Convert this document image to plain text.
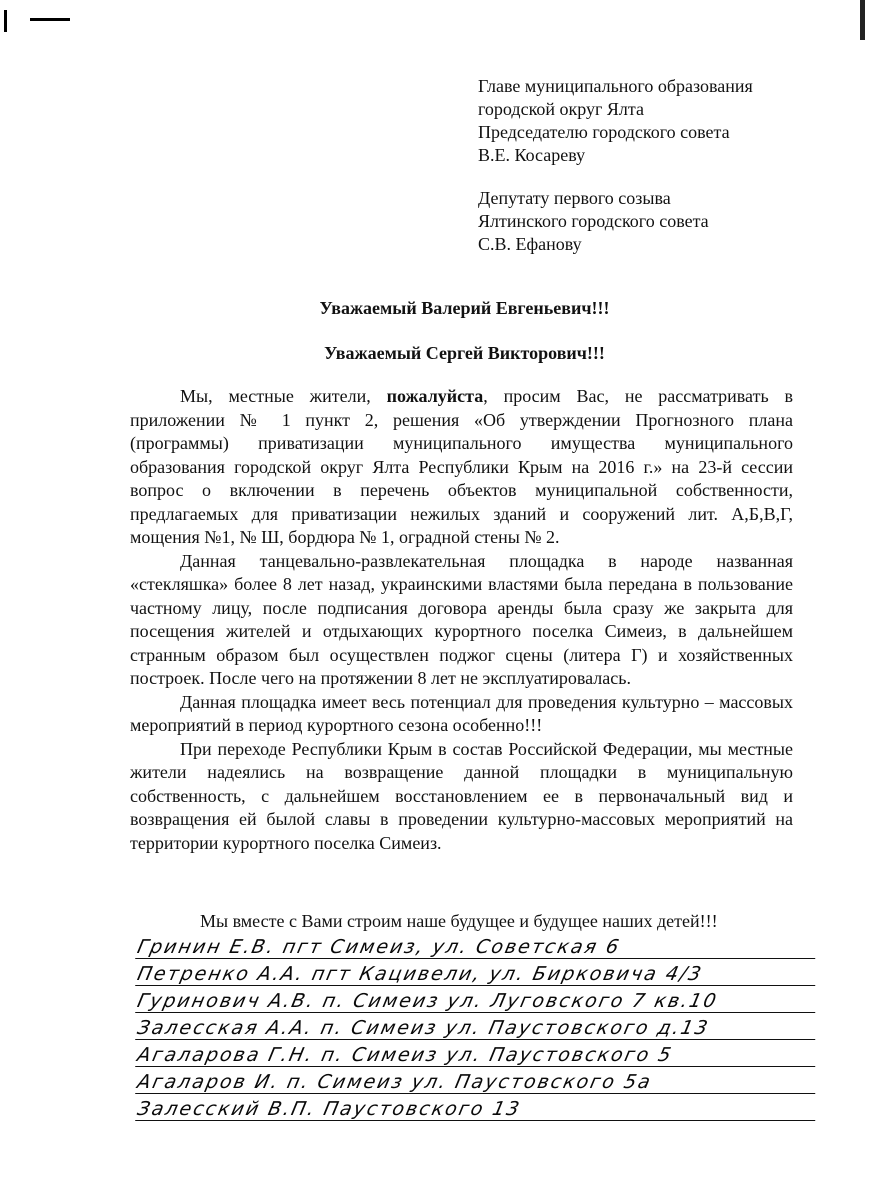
Главе муниципального образования

городской округ Ялта

Председателю городского совета

В.Е. Косареву

Депутату первого созыва

Ялтинского городского совета

С.В. Ефанову

Уважаемый Валерий Евгеньевич!!!
Уважаемый Сергей Викторович!!!

Мы, местные жители, пожалуйста, просим Вас, не рассматривать в приложении № 1 пункт 2, решения «Об утверждении Прогнозного плана (программы) приватизации муниципального имущества муниципального образования городской округ Ялта Республики Крым на 2016 г.» на 23-й сессии вопрос о включении в перечень объектов муниципальной собственности, предлагаемых для приватизации нежилых зданий и сооружений лит. А,Б,В,Г, мощения №1, № Ш, бордюра № 1, оградной стены № 2.

Данная танцевально-развлекательная площадка в народе названная «стекляшка» более 8 лет назад, украинскими властями была передана в пользование частному лицу, после подписания договора аренды была сразу же закрыта для посещения жителей и отдыхающих курортного поселка Симеиз, в дальнейшем странным образом был осуществлен поджог сцены (литера Г) и хозяйственных построек. После чего на протяжении 8 лет не эксплуатировалась.

Данная площадка имеет весь потенциал для проведения культурно – массовых мероприятий в период курортного сезона особенно!!!

При переходе Республики Крым в состав Российской Федерации, мы местные жители надеялись на возвращение данной площадки в муниципальную собственность, с дальнейшем восстановлением ее в первоначальный вид и возвращения ей былой славы в проведении культурно-массовых мероприятий на территории курортного поселка Симеиз.

Мы вместе с Вами строим наше будущее и будущее наших детей!!!
Гринин Е.В. пгт Симеиз, ул. Советская 6
Петренко А.А. пгт Кацивели, ул. Бирковича 4/3
Гуринович А.В. п. Симеиз ул. Луговского 7 кв.10
Залесская А.А. п. Симеиз ул. Паустовского д.13
Агаларова Г.Н. п. Симеиз ул. Паустовского 5
Агаларов И. п. Симеиз ул. Паустовского 5а
Залесский В.П. Паустовского 13
